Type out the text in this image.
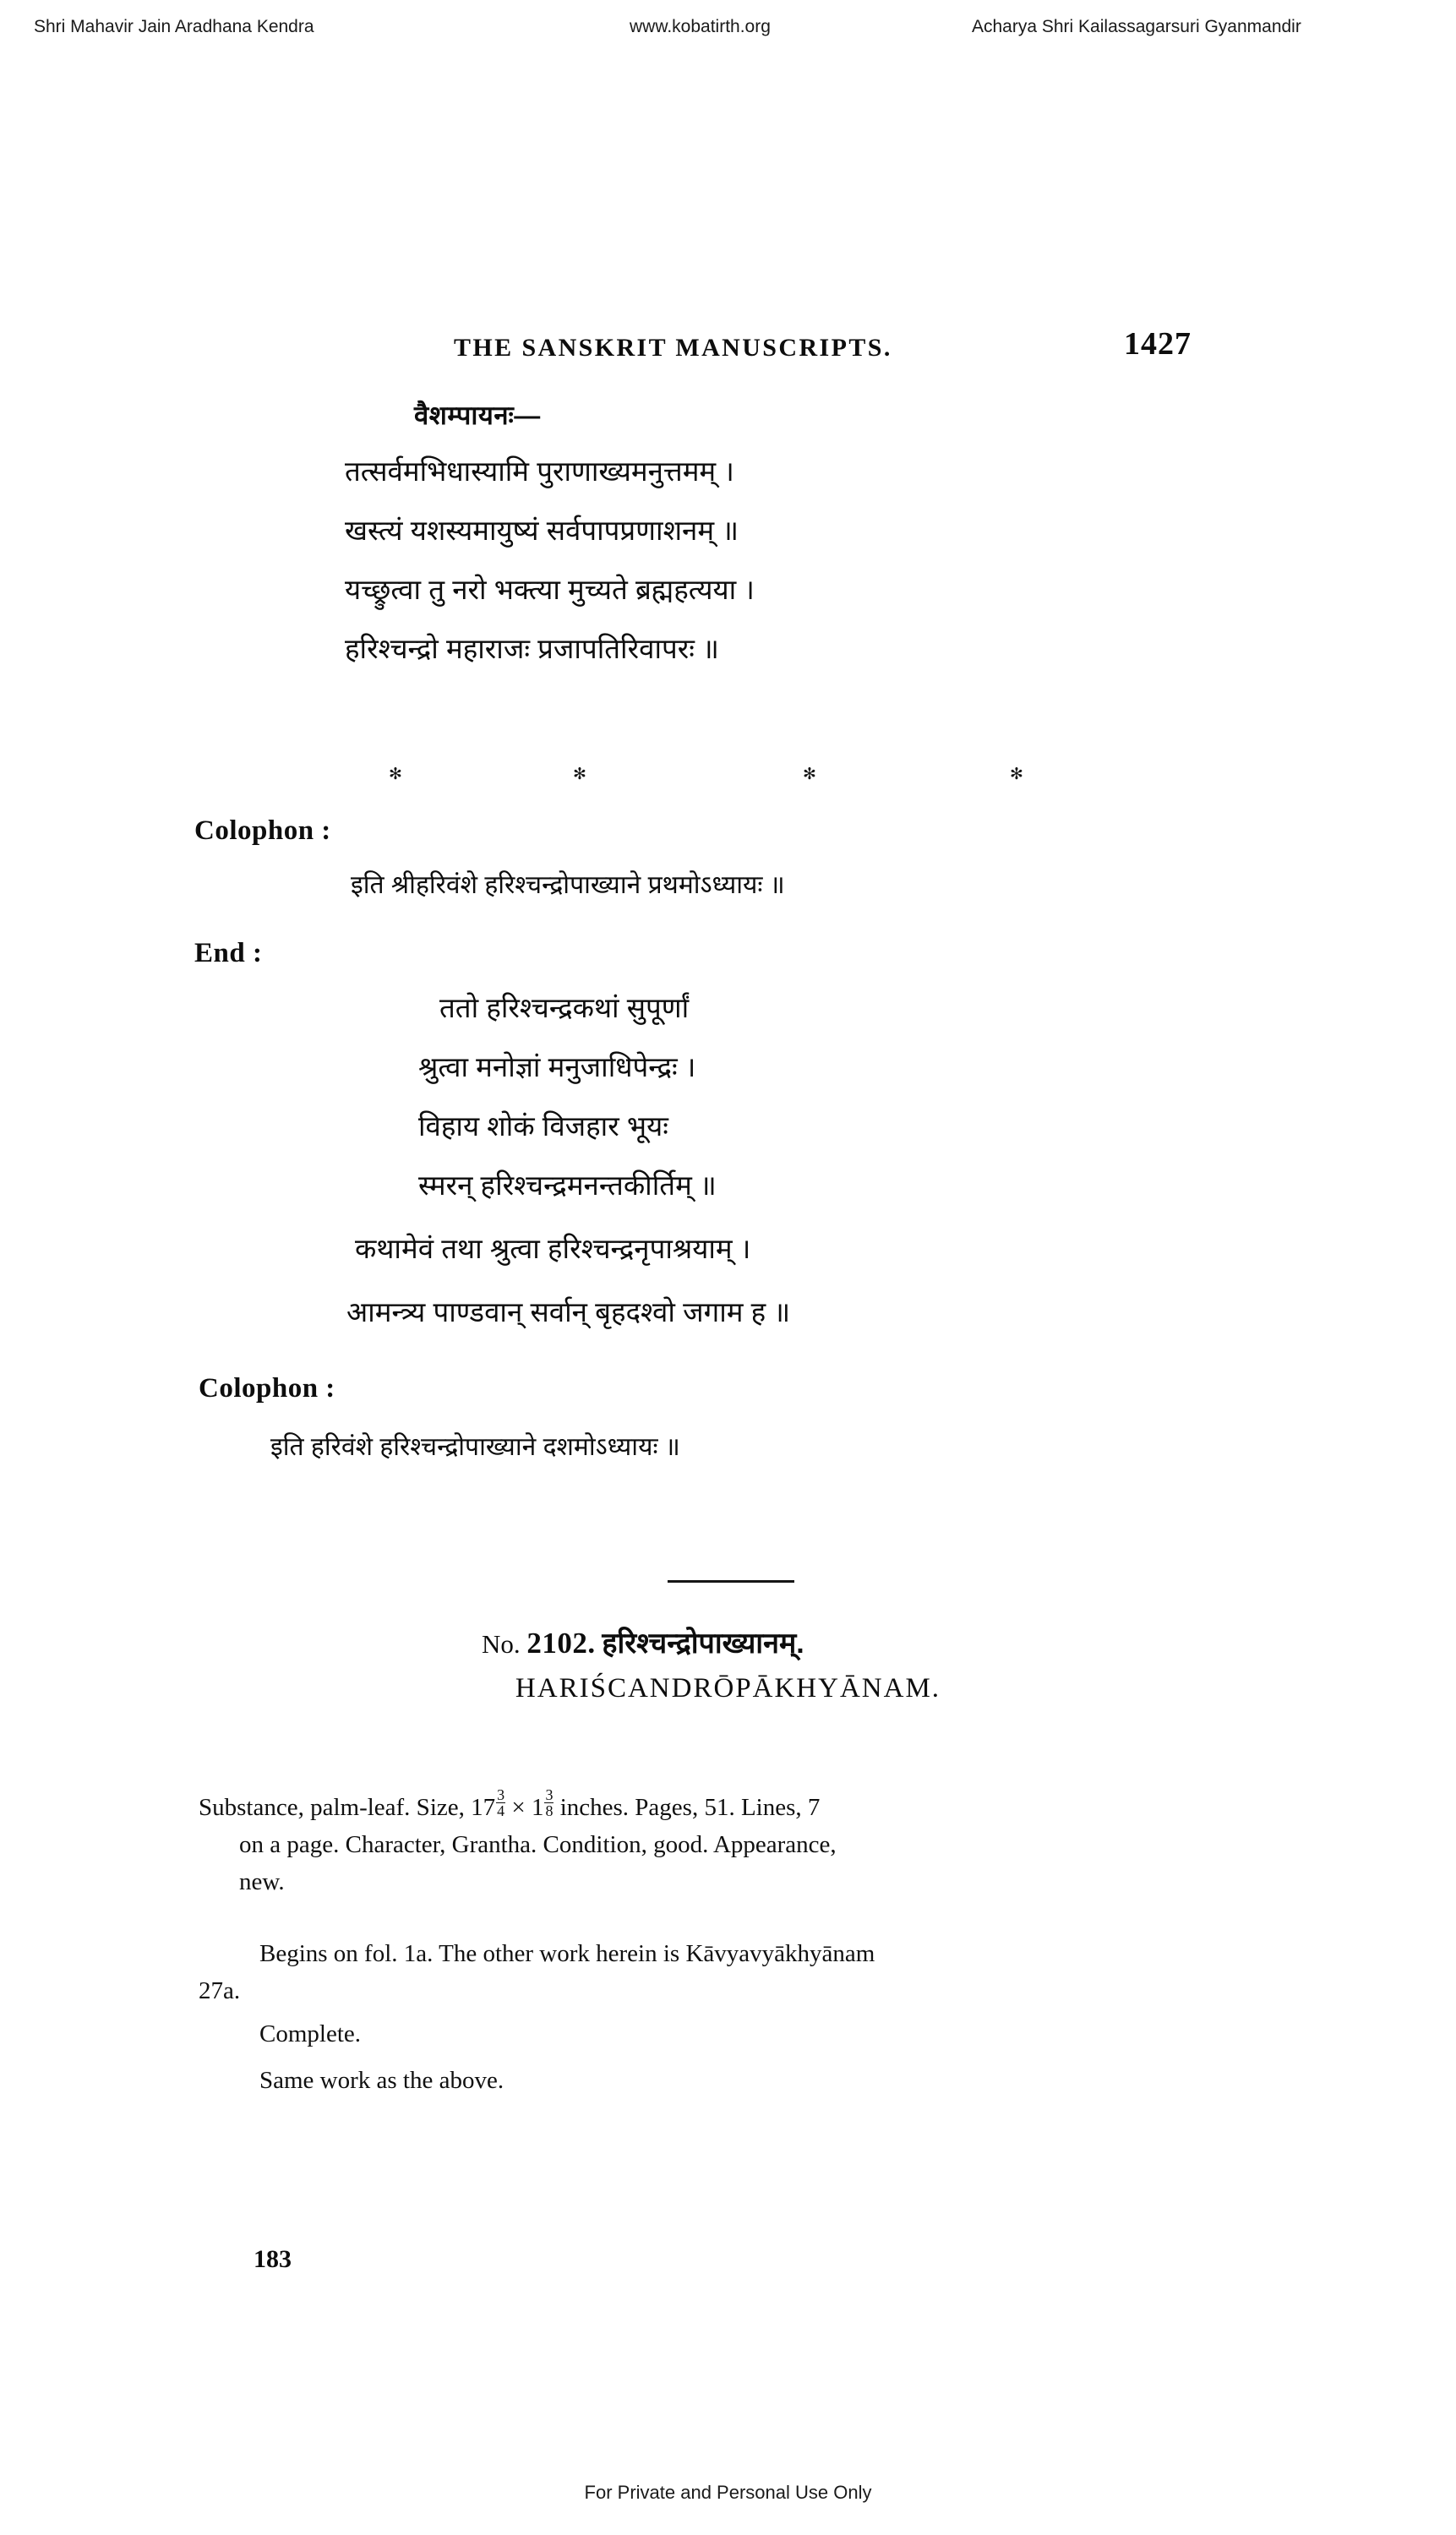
Shri Mahavir Jain Aradhana Kendra	www.kobatirth.org	Acharya Shri Kailassagarsuri Gyanmandir
THE SANSKRIT MANUSCRIPTS.	1427
वैशम्पायनः—
तत्सर्वमभिधास्यामि पुराणाख्यमनुत्तमम् ।
खस्त्यं यशस्यमायुष्यं सर्वपापप्रणाशनम् ॥
यच्छ्रुत्वा तु नरो भक्त्या मुच्यते ब्रह्महत्यया ।
हरिश्चन्द्रो महाराजः प्रजापतिरिवापरः ॥
✻	✻	✻	✻
Colophon :
इति श्रीहरिवंशे हरिश्चन्द्रोपाख्याने प्रथमोऽध्यायः ॥
End :
ततो हरिश्चन्द्रकथां सुपूर्णां
श्रुत्वा मनोज्ञां मनुजाधिपेन्द्रः ।
विहाय शोकं विजहार भूयः
स्मरन् हरिश्चन्द्रमनन्तकीर्तिम् ॥
कथामेवं तथा श्रुत्वा हरिश्चन्द्रनृपाश्रयाम् ।
आमन्त्र्य पाण्डवान् सर्वान् बृहदश्वो जगाम ह ॥
Colophon :
इति हरिवंशे हरिश्चन्द्रोपाख्याने दशमोऽध्यायः ॥
No. 2102. हरिश्चन्द्रोपाख्यानम्.
HARIŚCANDRŌPĀKHYĀNAM.
Substance, palm-leaf. Size, $17 \frac{3}{4} \times 1 \frac{3}{8}$ inches. Pages, 51. Lines, 7
on a page. Character, Grantha. Condition, good. Appearance,
new.
Begins on fol. 1a. The other work herein is Kāvyavyākhyānam
27a.
Complete.
Same work as the above.
183
For Private and Personal Use Only
